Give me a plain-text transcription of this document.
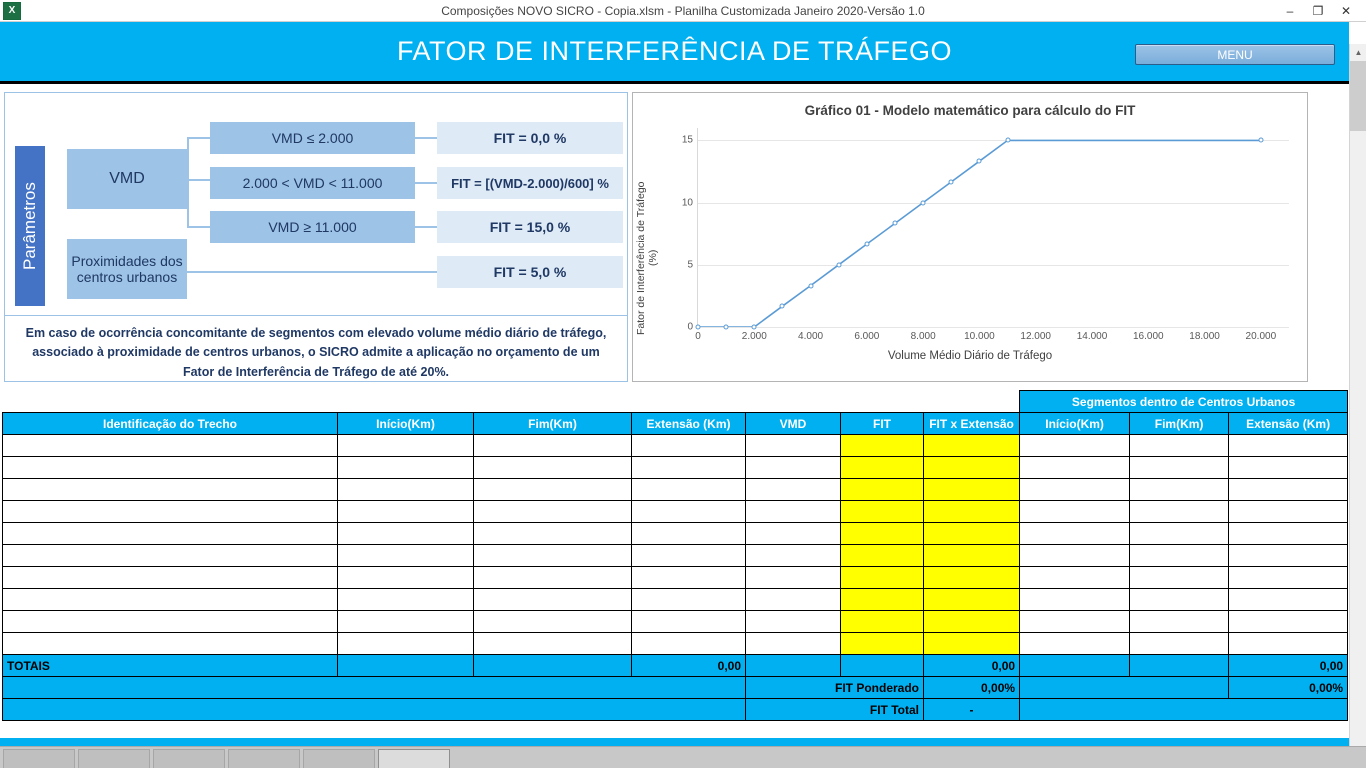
X	Composições NOVO SICRO - Copia.xlsm - Planilha Customizada Janeiro 2020-Versão 1.0	–	❐	✕
▲
FATOR DE INTERFERÊNCIA DE TRÁFEGO	MENU
Parâmetros
VMD
Proximidades dos centros urbanos
VMD ≤ 2.000
2.000 < VMD < 11.000
VMD ≥ 11.000
FIT = 0,0 %
FIT = [(VMD-2.000)/600] %
FIT = 15,0 %
FIT = 5,0 %
Em caso de ocorrência concomitante de segmentos com elevado volume médio diário de tráfego, associado à proximidade de centros urbanos, o SICRO admite a aplicação no orçamento de um Fator de Interferência de Tráfego de até 20%.
Gráfico 01 - Modelo matemático para cálculo do FIT
Fator de Interferência de Tráfego (%)
0
5
10
15
0	2.000	4.000	6.000	8.000	10.000	12.000	14.000	16.000	18.000	20.000
Volume Médio Diário de Tráfego
							Segmentos dentro de Centros Urbanos		
Identificação do Trecho	Início(Km)	Fim(Km)	Extensão (Km)	VMD	FIT	FIT x Extensão	Início(Km)	Fim(Km)	Extensão (Km)

TOTAIS			0,00			0,00			0,00
				FIT Ponderado		0,00%			0,00%
				FIT Total		-			
